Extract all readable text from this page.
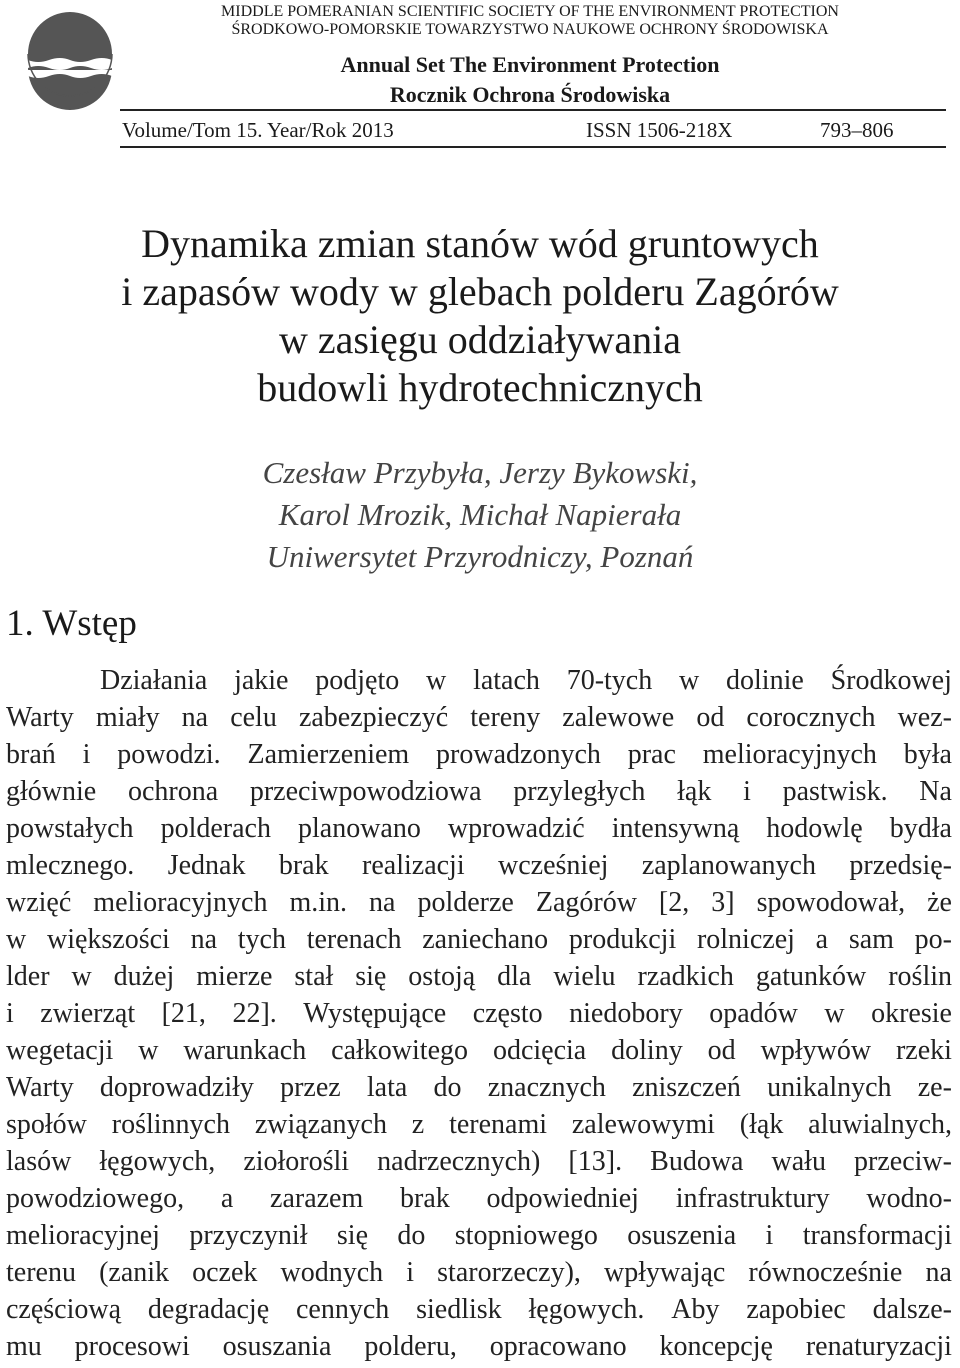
MIDDLE POMERANIAN SCIENTIFIC SOCIETY OF THE ENVIRONMENT PROTECTION
ŚRODKOWO-POMORSKIE TOWARZYSTWO NAUKOWE OCHRONY ŚRODOWISKA
Annual Set The Environment Protection
Rocznik Ochrona Środowiska
Volume/Tom 15. Year/Rok 2013	ISSN 1506-218X	793–806
Dynamika zmian stanów wód gruntowych
i zapasów wody w glebach polderu Zagórów
w zasięgu oddziaływania
budowli hydrotechnicznych
Czesław Przybyła, Jerzy Bykowski,
Karol Mrozik, Michał Napierała
Uniwersytet Przyrodniczy, Poznań
1. Wstęp
Działania jakie podjęto w latach 70-tych w dolinie Środkowej
Warty miały na celu zabezpieczyć tereny zalewowe od corocznych wez-
brań i powodzi. Zamierzeniem prowadzonych prac melioracyjnych była
głównie ochrona przeciwpowodziowa przyległych łąk i pastwisk. Na
powstałych polderach planowano wprowadzić intensywną hodowlę bydła
mlecznego. Jednak brak realizacji wcześniej zaplanowanych przedsię-
wzięć melioracyjnych m.in. na polderze Zagórów [2, 3] spowodował, że
w większości na tych terenach zaniechano produkcji rolniczej a sam po-
lder w dużej mierze stał się ostoją dla wielu rzadkich gatunków roślin
i zwierząt [21, 22]. Występujące często niedobory opadów w okresie
wegetacji w warunkach całkowitego odcięcia doliny od wpływów rzeki
Warty doprowadziły przez lata do znacznych zniszczeń unikalnych ze-
społów roślinnych związanych z terenami zalewowymi (łąk aluwialnych,
lasów łęgowych, ziołorośli nadrzecznych) [13]. Budowa wału przeciw-
powodziowego, a zarazem brak odpowiedniej infrastruktury wodno-
melioracyjnej przyczynił się do stopniowego osuszenia i transformacji
terenu (zanik oczek wodnych i starorzeczy), wpływając równocześnie na
częściową degradację cennych siedlisk łęgowych. Aby zapobiec dalsze-
mu procesowi osuszania polderu, opracowano koncepcję renaturyzacji
